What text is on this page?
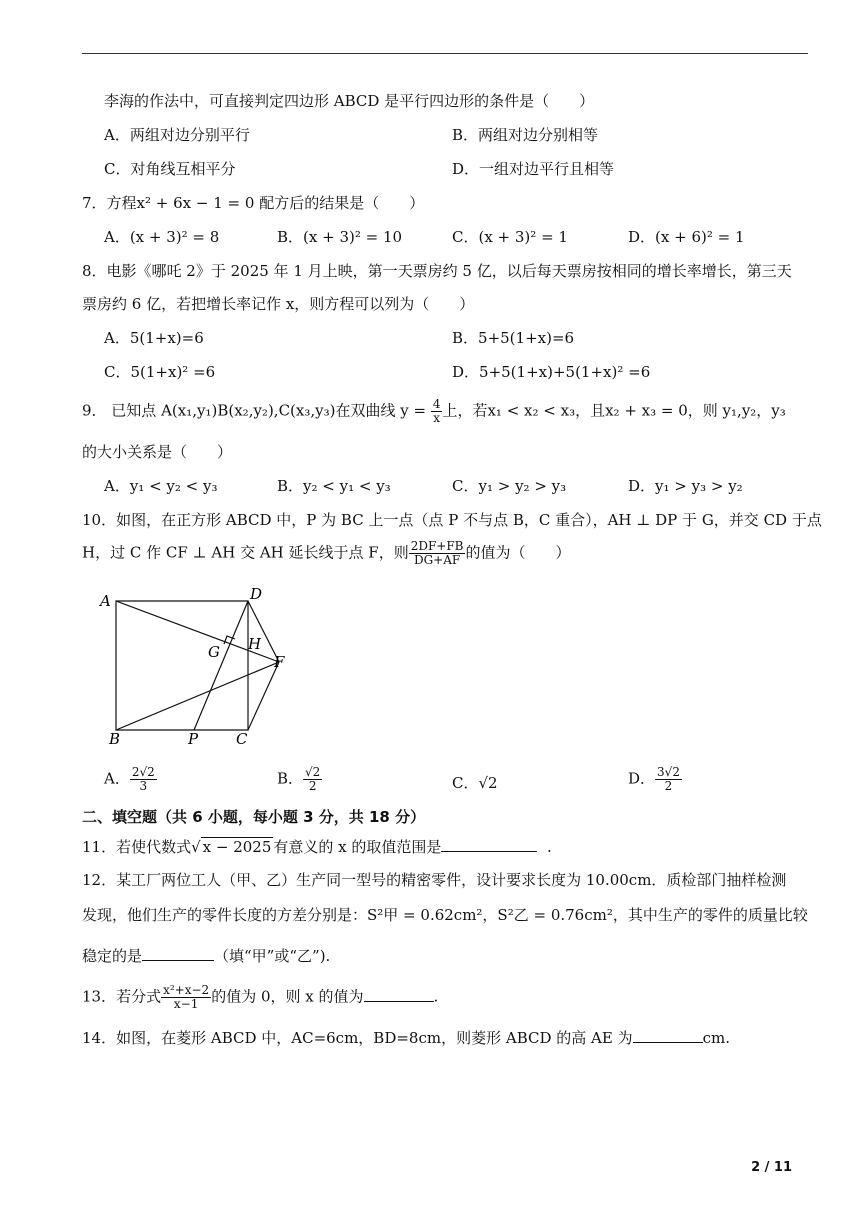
李海的作法中，可直接判定四边形 ABCD 是平行四边形的条件是（　　）
A．两组对边分别平行	B．两组对边分别相等
C．对角线互相平分	D．一组对边平行且相等
7．方程x² + 6x − 1 = 0 配方后的结果是（　　）
A．(x + 3)² = 8	B．(x + 3)² = 10	C．(x + 3)² = 1	D．(x + 6)² = 1
8．电影《哪吒 2》于 2025 年 1 月上映，第一天票房约 5 亿，以后每天票房按相同的增长率增长，第三天
票房约 6 亿，若把增长率记作 x，则方程可以列为（　　）
A．5(1+x)=6	B．5+5(1+x)=6
C．5(1+x)² =6	D．5+5(1+x)+5(1+x)² =6
9． 已知点 A(x₁,y₁)B(x₂,y₂),C(x₃,y₃)在双曲线 $y = \frac{4}{x}$ 上，若x₁ < x₂ < x₃，且x₂ + x₃ = 0，则 y₁,y₂，y₃
的大小关系是（　　）
A．y₁ < y₂ < y₃	B．y₂ < y₁ < y₃	C．y₁ > y₂ > y₃	D．y₁ > y₃ > y₂
10．如图，在正方形 ABCD 中，P 为 BC 上一点（点 P 不与点 B，C 重合），AH ⊥ DP 于 G，并交 CD 于点
H，过 C 作 CF ⊥ AH 交 AH 延长线于点 F，则 $\frac{2DF+FB}{DG+AF}$ 的值为（　　）
A	D
G H
F
B	P	C
A． $\frac{2√2}{3}$	B． $\frac{√2}{2}$	C．√2	D． $\frac{3√2}{2}$
二、填空题（共 6 小题，每小题 3 分，共 18 分）
11．若使代数式√ x − 2025 有意义的 x 的取值范围是	.
12．某工厂两位工人（甲、乙）生产同一型号的精密零件，设计要求长度为 10.00cm．质检部门抽样检测
发现，他们生产的零件长度的方差分别是：S²甲 = 0.62cm²，S²乙 = 0.76cm²，其中生产的零件的质量比较
稳定的是	（填“甲”或“乙”).
13．若分式 $\frac{\text{x²+x−2}}{x-1}$ 的值为 0，则 x 的值为	.
14．如图，在菱形 ABCD 中，AC=6cm，BD=8cm，则菱形 ABCD 的高 AE 为	cm.
2 / 11
